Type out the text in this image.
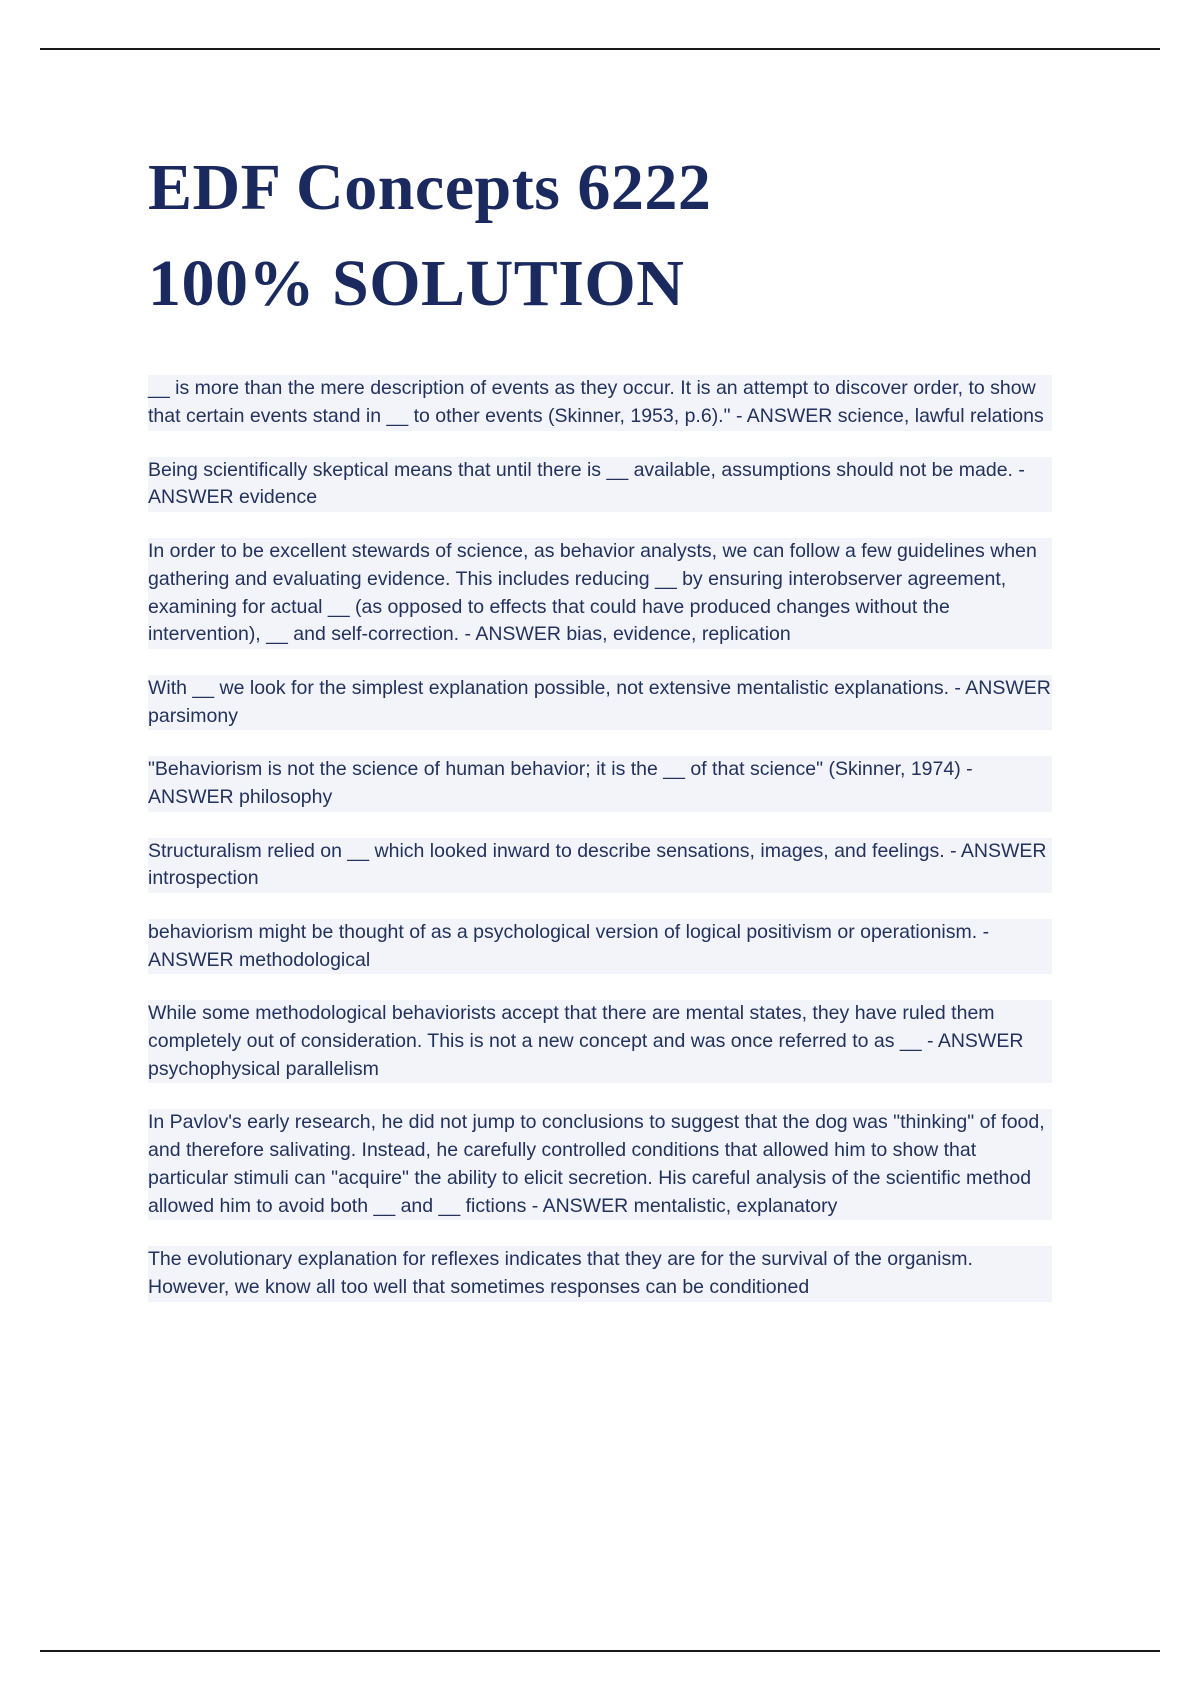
EDF Concepts 6222
100% SOLUTION

__ is more than the mere description of events as they occur. It is an attempt to discover order, to show that certain events stand in __ to other events (Skinner, 1953, p.6)." - ANSWER science, lawful relations

Being scientifically skeptical means that until there is __ available, assumptions should not be made. - ANSWER evidence

In order to be excellent stewards of science, as behavior analysts, we can follow a few guidelines when gathering and evaluating evidence. This includes reducing __ by ensuring interobserver agreement, examining for actual __ (as opposed to effects that could have produced changes without the intervention), __ and self-correction. - ANSWER bias, evidence, replication

With __ we look for the simplest explanation possible, not extensive mentalistic explanations. - ANSWER parsimony

"Behaviorism is not the science of human behavior; it is the __ of that science" (Skinner, 1974) - ANSWER philosophy

Structuralism relied on __ which looked inward to describe sensations, images, and feelings. - ANSWER introspection

behaviorism might be thought of as a psychological version of logical positivism or operationism. - ANSWER methodological

While some methodological behaviorists accept that there are mental states, they have ruled them completely out of consideration. This is not a new concept and was once referred to as __ - ANSWER psychophysical parallelism

In Pavlov's early research, he did not jump to conclusions to suggest that the dog was "thinking" of food, and therefore salivating. Instead, he carefully controlled conditions that allowed him to show that particular stimuli can "acquire" the ability to elicit secretion. His careful analysis of the scientific method allowed him to avoid both __ and __ fictions - ANSWER mentalistic, explanatory

The evolutionary explanation for reflexes indicates that they are for the survival of the organism. However, we know all too well that sometimes responses can be conditioned
